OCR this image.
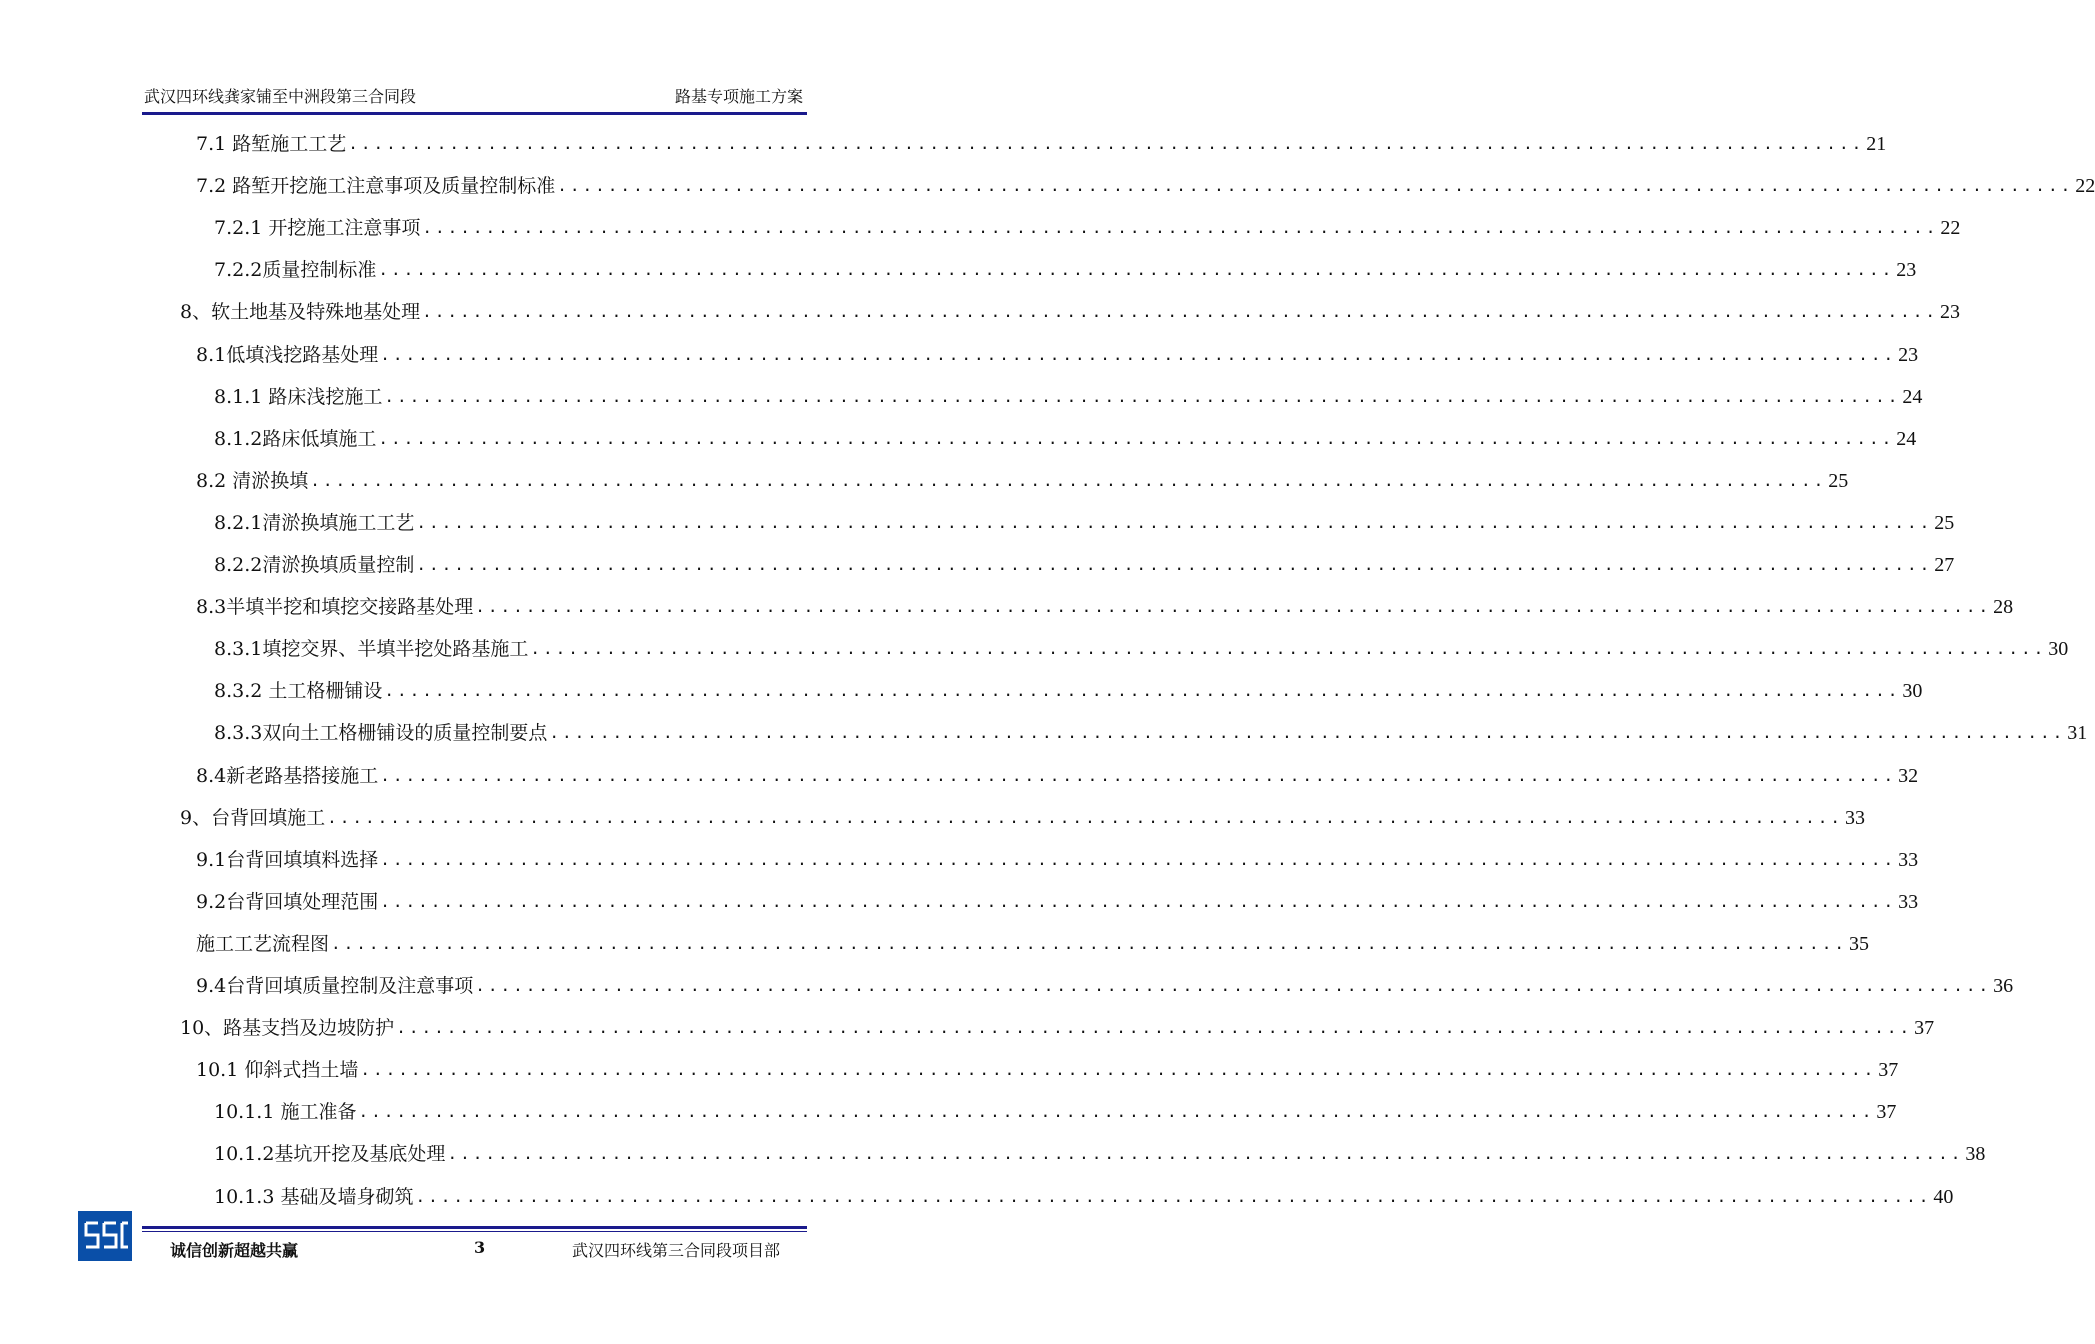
武汉四环线龚家铺至中洲段第三合同段	路基专项施工方案
7.1 路堑施工工艺 ........................................................................................................................ 21
7.2 路堑开挖施工注意事项及质量控制标准 ........................................................................................................................ 22
7.2.1 开挖施工注意事项 ........................................................................................................................ 22
7.2.2质量控制标准 ........................................................................................................................ 23
8、软土地基及特殊地基处理 ........................................................................................................................ 23
8.1低填浅挖路基处理 ........................................................................................................................ 23
8.1.1 路床浅挖施工 ........................................................................................................................ 24
8.1.2路床低填施工 ........................................................................................................................ 24
8.2 清淤换填 ........................................................................................................................ 25
8.2.1清淤换填施工工艺 ........................................................................................................................ 25
8.2.2清淤换填质量控制 ........................................................................................................................ 27
8.3半填半挖和填挖交接路基处理 ........................................................................................................................ 28
8.3.1填挖交界、半填半挖处路基施工 ........................................................................................................................ 30
8.3.2 土工格栅铺设 ........................................................................................................................ 30
8.3.3双向土工格栅铺设的质量控制要点 ........................................................................................................................ 31
8.4新老路基搭接施工 ........................................................................................................................ 32
9、台背回填施工 ........................................................................................................................ 33
9.1台背回填填料选择 ........................................................................................................................ 33
9.2台背回填处理范围 ........................................................................................................................ 33
施工工艺流程图 ........................................................................................................................ 35
9.4台背回填质量控制及注意事项 ........................................................................................................................ 36
10、路基支挡及边坡防护 ........................................................................................................................ 37
10.1 仰斜式挡土墙 ........................................................................................................................ 37
10.1.1 施工准备 ........................................................................................................................ 37
10.1.2基坑开挖及基底处理 ........................................................................................................................ 38
10.1.3 基础及墙身砌筑 ........................................................................................................................ 40
诚信创新超越共赢	3	武汉四环线第三合同段项目部
